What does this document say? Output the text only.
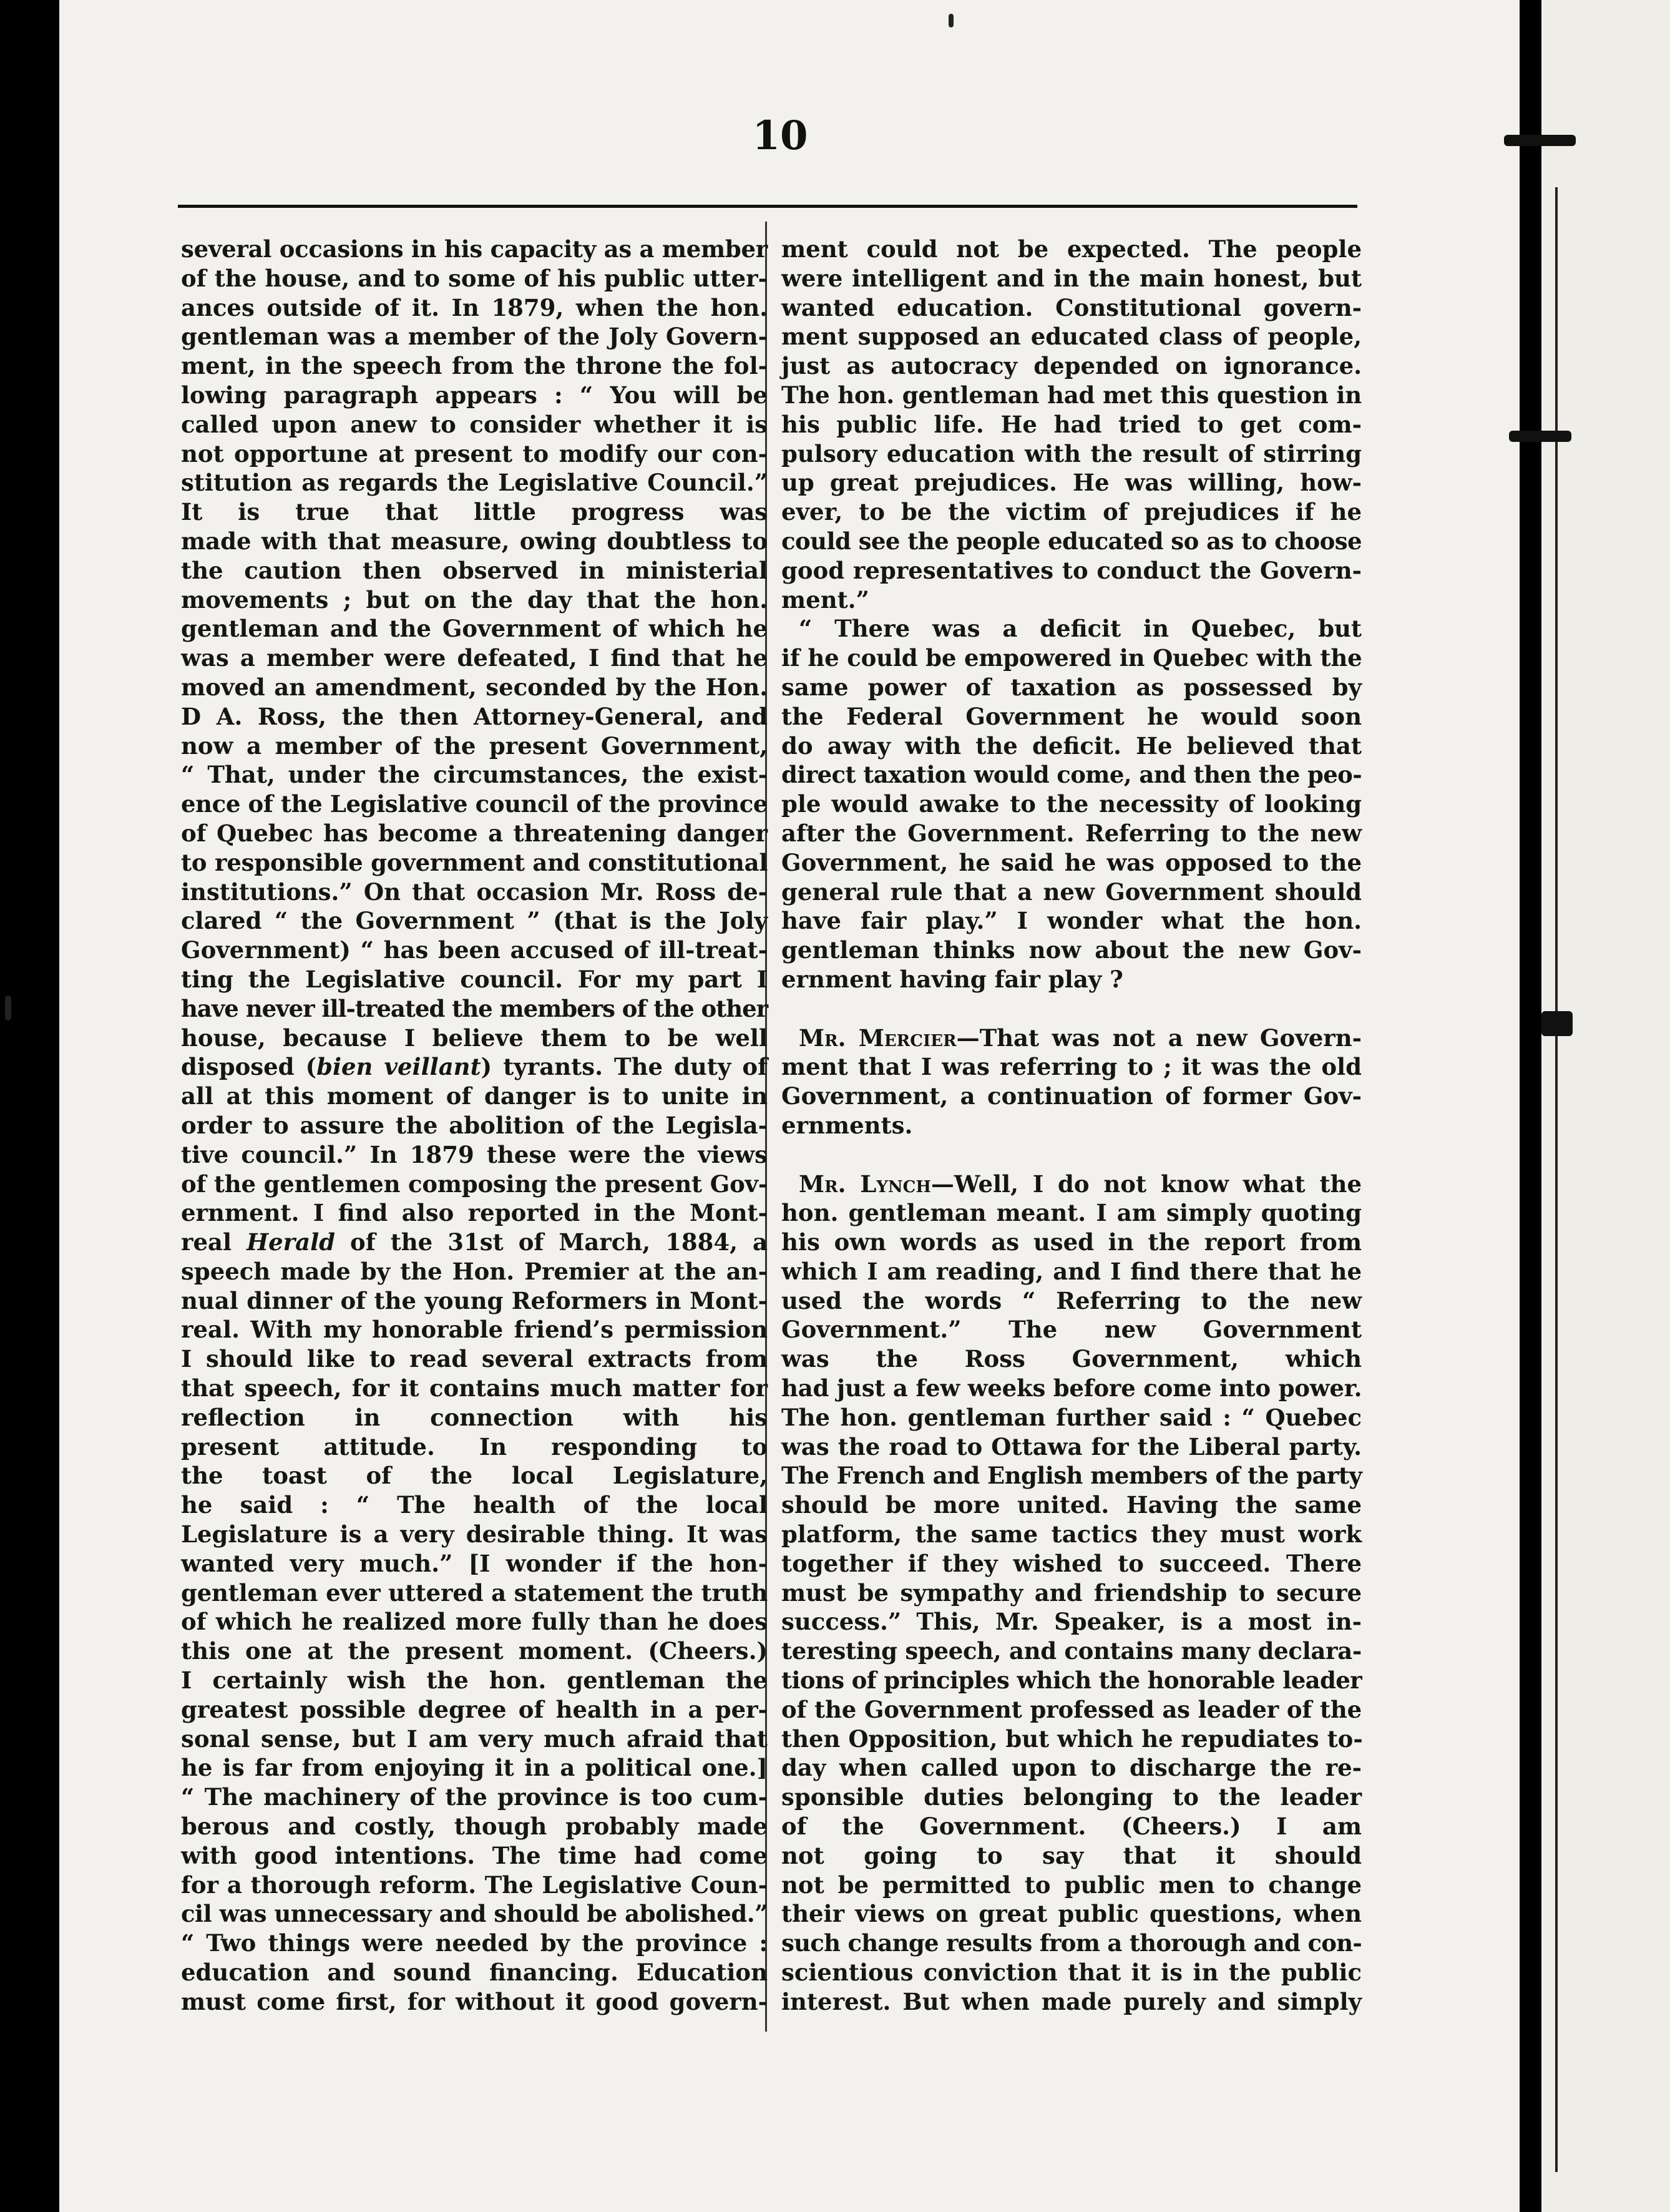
10
several occasions in his capacity as a member
of the house, and to some of his public utter-
ances outside of it. In 1879, when the hon.
gentleman was a member of the Joly Govern-
ment, in the speech from the throne the fol-
lowing paragraph appears : “ You will be
called upon anew to consider whether it is
not opportune at present to modify our con-
stitution as regards the Legislative Council.”
It is true that little progress was
made with that measure, owing doubtless to
the caution then observed in ministerial
movements ; but on the day that the hon.
gentleman and the Government of which he
was a member were defeated, I find that he
moved an amendment, seconded by the Hon.
D A. Ross, the then Attorney-General, and
now a member of the present Government,
“ That, under the circumstances, the exist-
ence of the Legislative council of the province
of Quebec has become a threatening danger
to responsible government and constitutional
institutions.” On that occasion Mr. Ross de-
clared “ the Government ” (that is the Joly
Government) “ has been accused of ill-treat-
ting the Legislative council. For my part I
have never ill-treated the members of the other
house, because I believe them to be well
disposed (bien veillant) tyrants. The duty of
all at this moment of danger is to unite in
order to assure the abolition of the Legisla-
tive council.” In 1879 these were the views
of the gentlemen composing the present Gov-
ernment. I find also reported in the Mont-
real Herald of the 31st of March, 1884, a
speech made by the Hon. Premier at the an-
nual dinner of the young Reformers in Mont-
real. With my honorable friend’s permission
I should like to read several extracts from
that speech, for it contains much matter for
reflection in connection with his
present attitude. In responding to
the toast of the local Legislature,
he said : “ The health of the local
Legislature is a very desirable thing. It was
wanted very much.” [I wonder if the hon-
gentleman ever uttered a statement the truth
of which he realized more fully than he does
this one at the present moment. (Cheers.)
I certainly wish the hon. gentleman the
greatest possible degree of health in a per-
sonal sense, but I am very much afraid that
he is far from enjoying it in a political one.]
“ The machinery of the province is too cum-
berous and costly, though probably made
with good intentions. The time had come
for a thorough reform. The Legislative Coun-
cil was unnecessary and should be abolished.”
“ Two things were needed by the province :
education and sound financing. Education
must come first, for without it good govern-
ment could not be expected. The people
were intelligent and in the main honest, but
wanted education. Constitutional govern-
ment supposed an educated class of people,
just as autocracy depended on ignorance.
The hon. gentleman had met this question in
his public life. He had tried to get com-
pulsory education with the result of stirring
up great prejudices. He was willing, how-
ever, to be the victim of prejudices if he
could see the people educated so as to choose
good representatives to conduct the Govern-
ment.”
“ There was a deficit in Quebec, but
if he could be empowered in Quebec with the
same power of taxation as possessed by
the Federal Government he would soon
do away with the deficit. He believed that
direct taxation would come, and then the peo-
ple would awake to the necessity of looking
after the Government. Referring to the new
Government, he said he was opposed to the
general rule that a new Government should
have fair play.” I wonder what the hon.
gentleman thinks now about the new Gov-
ernment having fair play ?
Mr. Mercier—That was not a new Govern-
ment that I was referring to ; it was the old
Government, a continuation of former Gov-
ernments.
Mr. Lynch—Well, I do not know what the
hon. gentleman meant. I am simply quoting
his own words as used in the report from
which I am reading, and I find there that he
used the words “ Referring to the new
Government.” The new Government
was the Ross Government, which
had just a few weeks before come into power.
The hon. gentleman further said : “ Quebec
was the road to Ottawa for the Liberal party.
The French and English members of the party
should be more united. Having the same
platform, the same tactics they must work
together if they wished to succeed. There
must be sympathy and friendship to secure
success.” This, Mr. Speaker, is a most in-
teresting speech, and contains many declara-
tions of principles which the honorable leader
of the Government professed as leader of the
then Opposition, but which he repudiates to-
day when called upon to discharge the re-
sponsible duties belonging to the leader
of the Government. (Cheers.) I am
not going to say that it should
not be permitted to public men to change
their views on great public questions, when
such change results from a thorough and con-
scientious conviction that it is in the public
interest. But when made purely and simply
